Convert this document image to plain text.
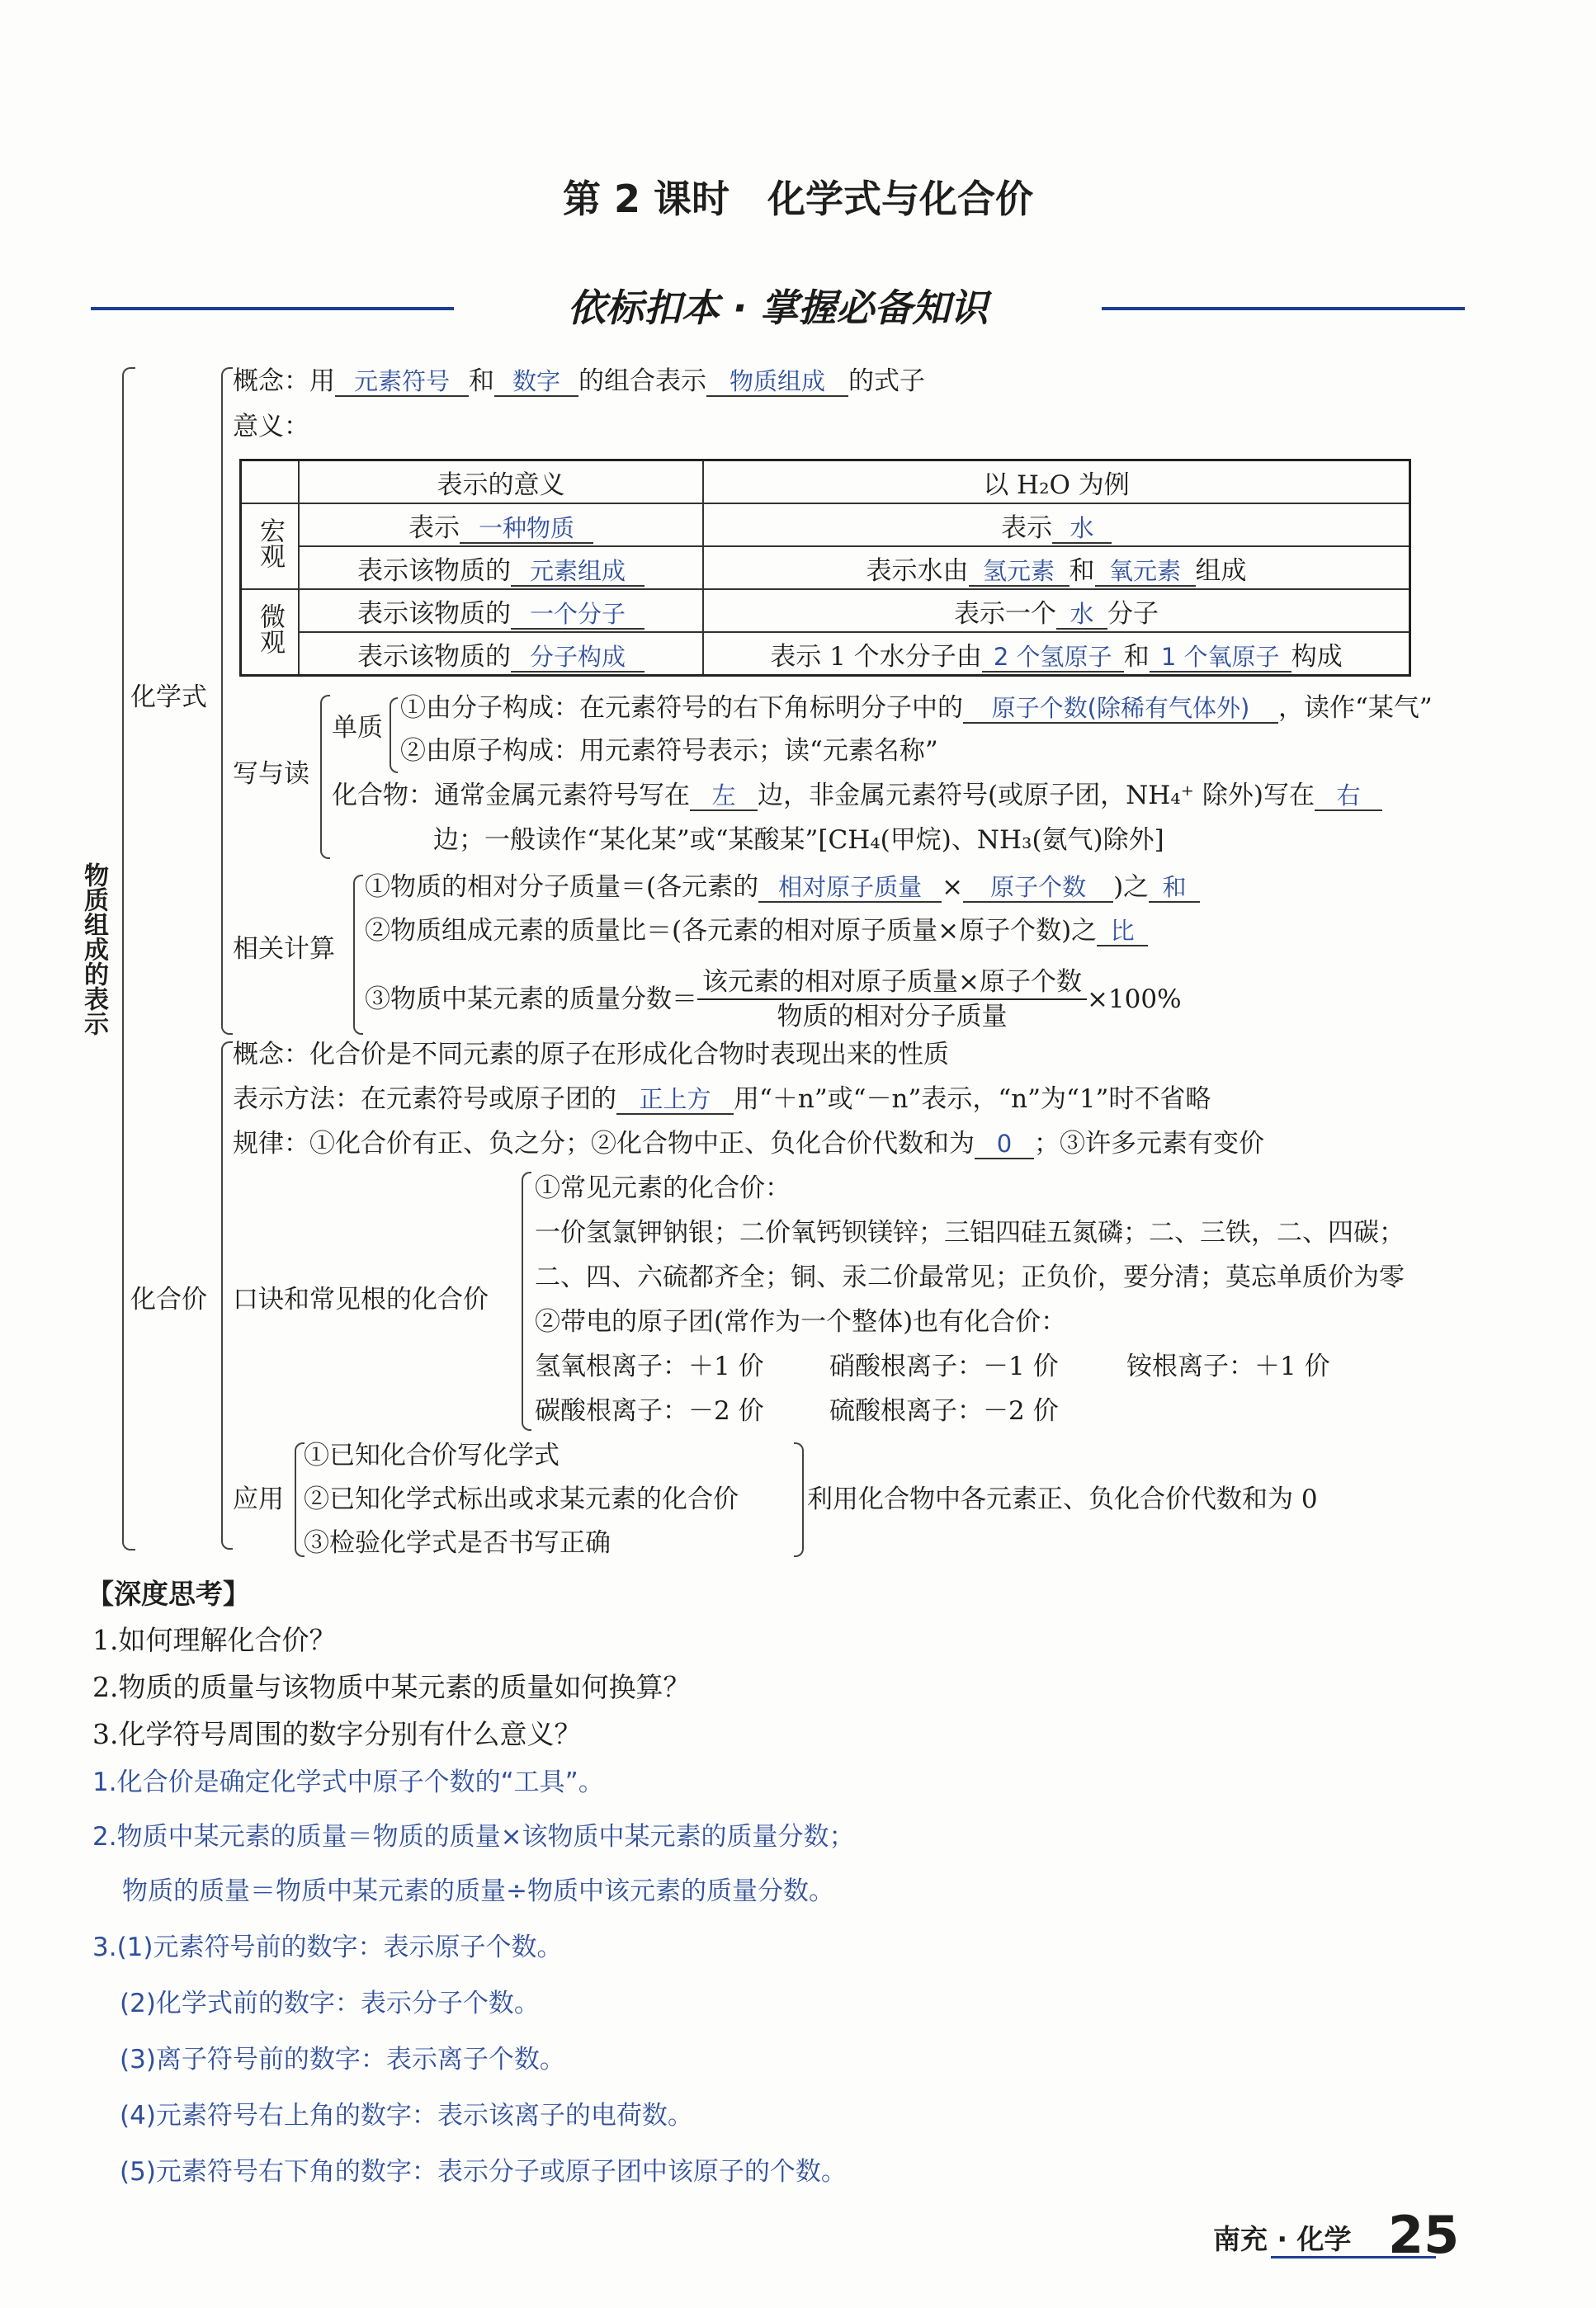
第 2 课时　化学式与化合价
依标扣本 · 掌握必备知识
物质组成的表示
化学式
概念：用 元素符号 和 数字 的组合表示 物质组成 的式子
意义：
	表示的意义	以 H₂O 为例
宏观	表示 一种物质	表示 水
	表示该物质的 元素组成	表示水由 氢元素 和 氧元素 组成
微观	表示该物质的 一个分子	表示一个 水 分子
	表示该物质的 分子构成	表示 1 个水分子由 2 个氢原子 和 1 个氧原子 构成
写与读
单质
①由分子构成：在元素符号的右下角标明分子中的 原子个数(除稀有气体外) ，读作“某气”
②由原子构成：用元素符号表示；读“元素名称”
化合物：通常金属元素符号写在 左 边，非金属元素符号(或原子团，NH₄⁺ 除外)写在 右
边；一般读作“某化某”或“某酸某”[CH₄(甲烷)、NH₃(氨气)除外]
相关计算
①物质的相对分子质量＝(各元素的 相对原子质量 × 原子个数 )之 和
②物质组成元素的质量比＝(各元素的相对原子质量×原子个数)之 比
③物质中某元素的质量分数＝ $\frac{\text{该元素的相对原子质量×原子个数}}{\text{物质的相对分子质量}} \times 100\%$
化合价
概念：化合价是不同元素的原子在形成化合物时表现出来的性质
表示方法：在元素符号或原子团的 正上方 用“＋n”或“－n”表示，“n”为“1”时不省略
规律：①化合价有正、负之分；②化合物中正、负化合价代数和为 0 ；③许多元素有变价
口诀和常见根的化合价
①常见元素的化合价：
一价氢氯钾钠银；二价氧钙钡镁锌；三铝四硅五氮磷；二、三铁，二、四碳；
二、四、六硫都齐全；铜、汞二价最常见；正负价，要分清；莫忘单质价为零
②带电的原子团(常作为一个整体)也有化合价：
氢氧根离子：＋1 价	硝酸根离子：－1 价	铵根离子：＋1 价
碳酸根离子：－2 价	硫酸根离子：－2 价
应用
①已知化合价写化学式
②已知化学式标出或求某元素的化合价
③检验化学式是否书写正确
利用化合物中各元素正、负化合价代数和为 0
【深度思考】
1.如何理解化合价？
2.物质的质量与该物质中某元素的质量如何换算？
3.化学符号周围的数字分别有什么意义？
1.化合价是确定化学式中原子个数的“工具”。
2.物质中某元素的质量＝物质的质量×该物质中某元素的质量分数；
物质的质量＝物质中某元素的质量÷物质中该元素的质量分数。
3.(1)元素符号前的数字：表示原子个数。
(2)化学式前的数字：表示分子个数。
(3)离子符号前的数字：表示离子个数。
(4)元素符号右上角的数字：表示该离子的电荷数。
(5)元素符号右下角的数字：表示分子或原子团中该原子的个数。
南充 · 化学 25
